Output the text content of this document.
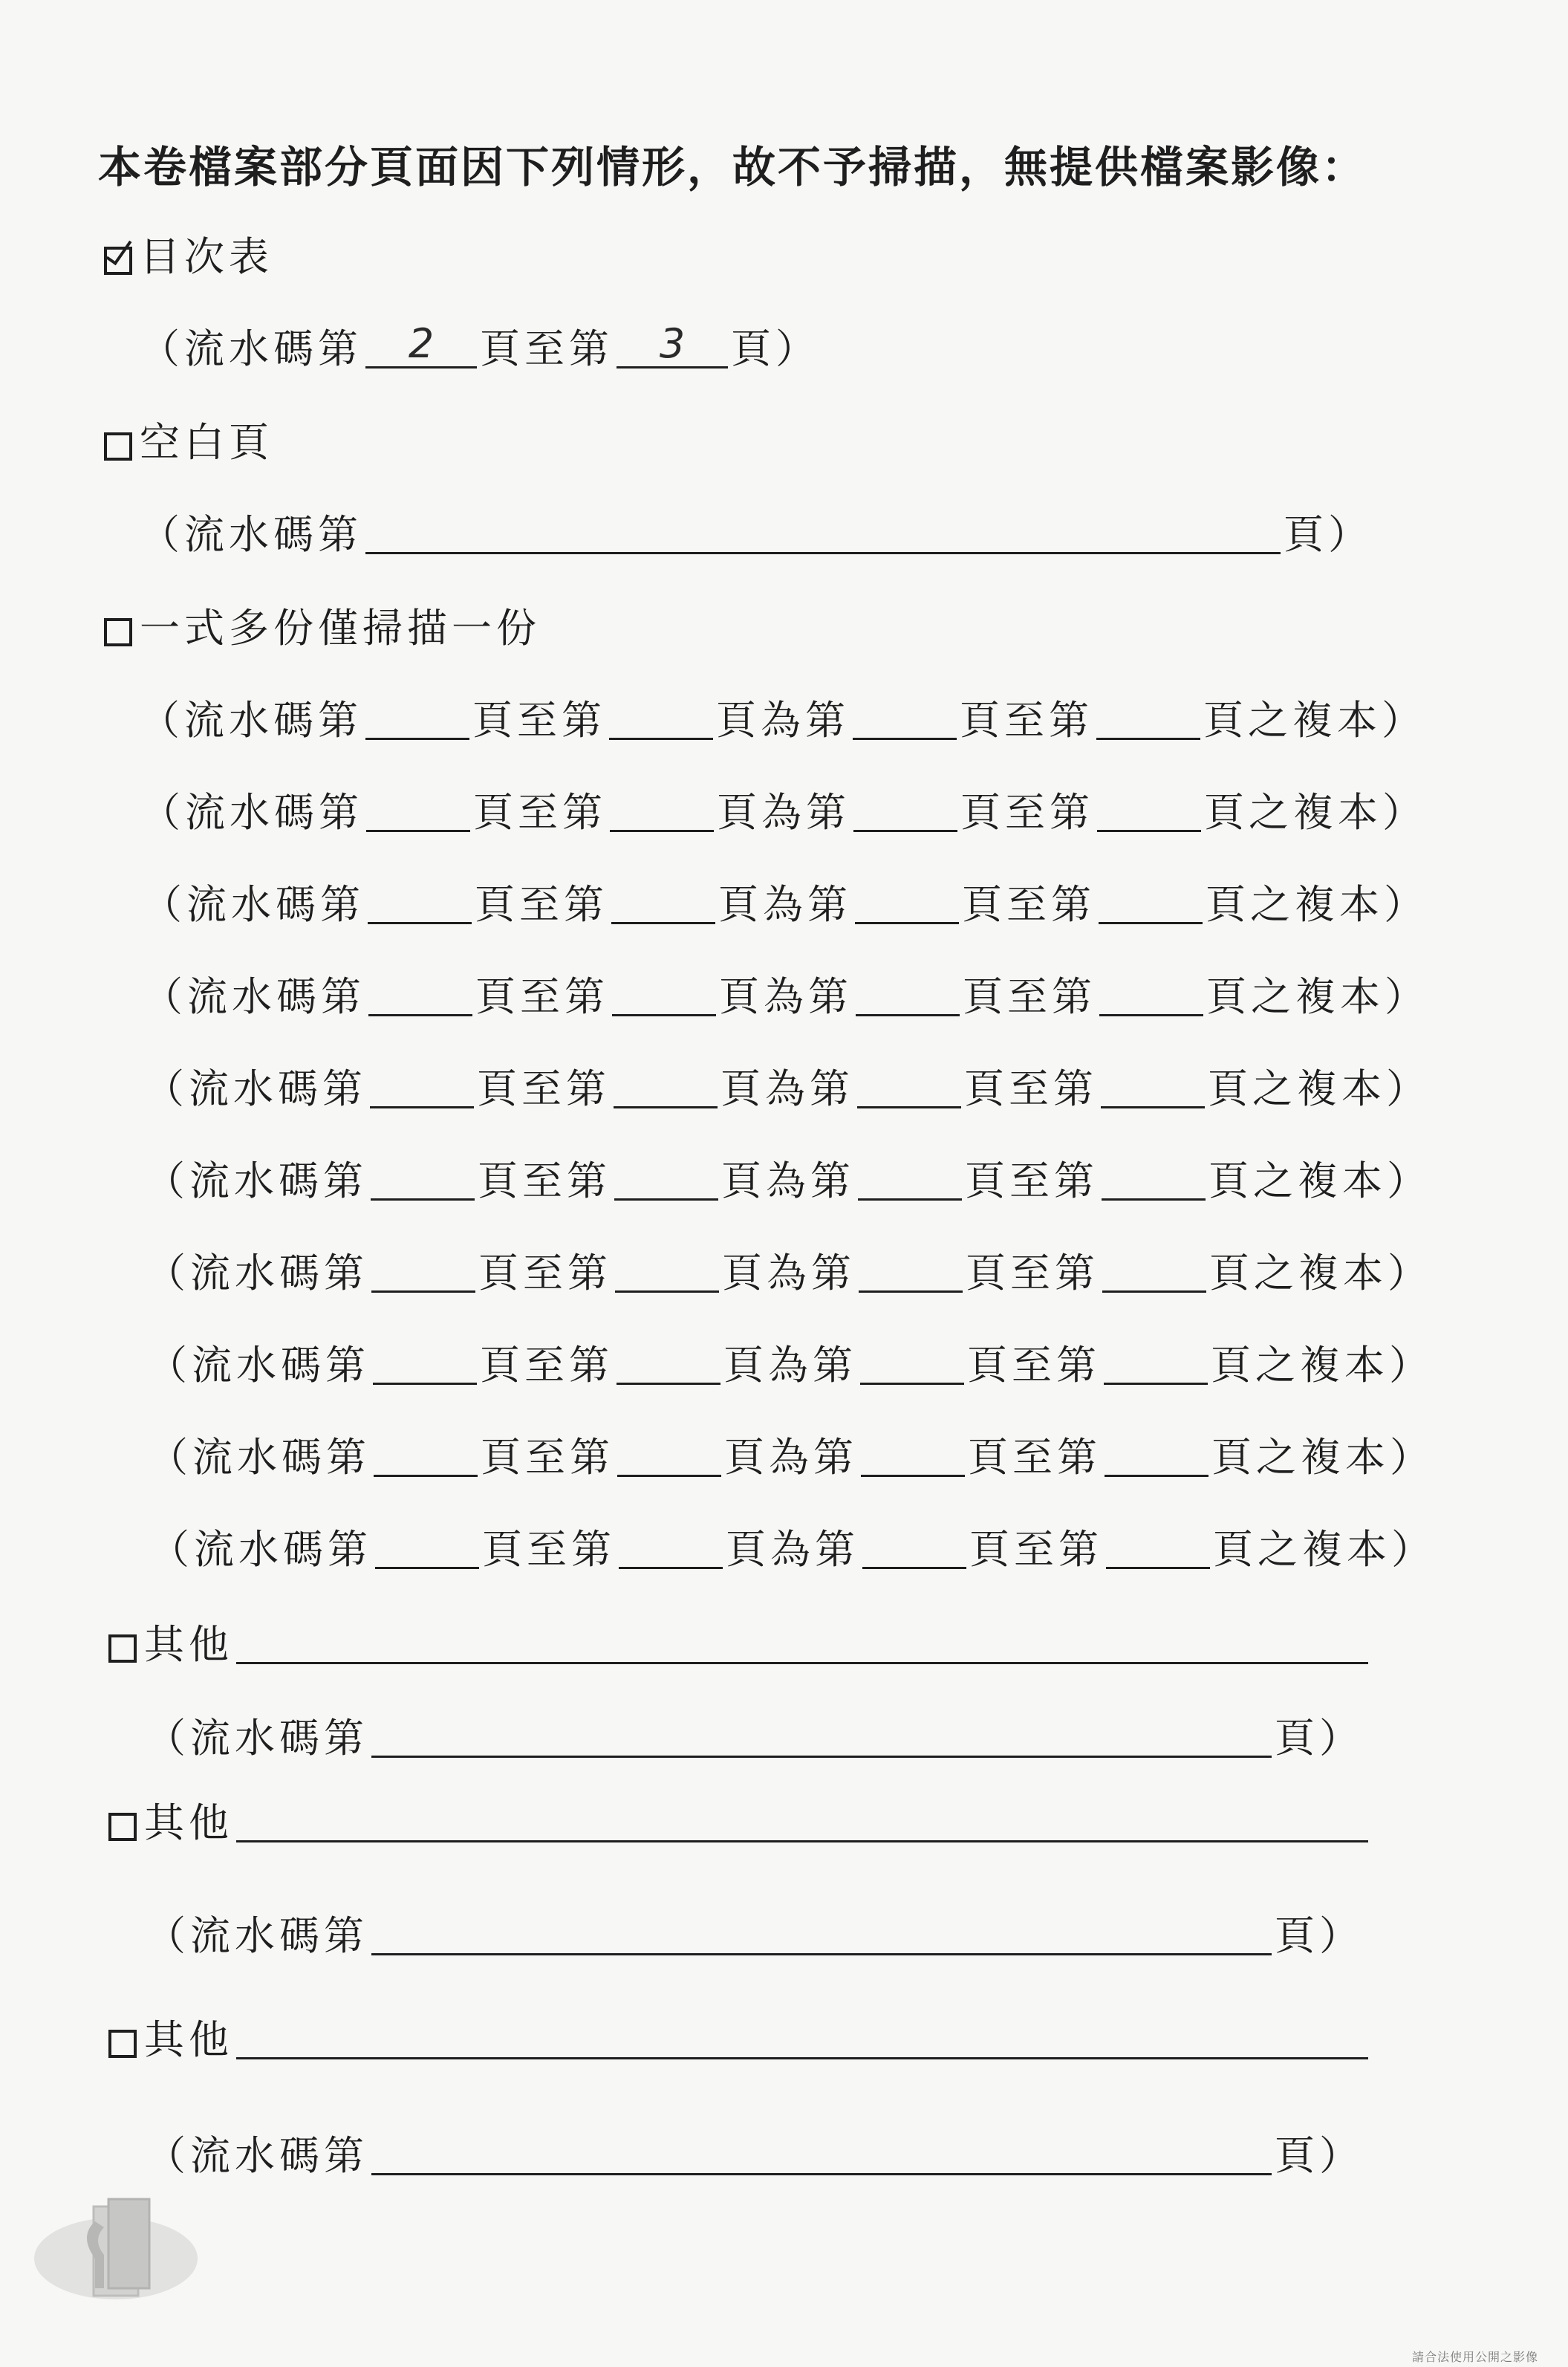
本卷檔案部分頁面因下列情形，故不予掃描，無提供檔案影像：
目次表
（流水碼第	2	頁至第	3	頁）
空白頁
（流水碼第	頁）
一式多份僅掃描一份
（流水碼第	頁至第	頁為第	頁至第	頁之複本）
（流水碼第	頁至第	頁為第	頁至第	頁之複本）
（流水碼第	頁至第	頁為第	頁至第	頁之複本）
（流水碼第	頁至第	頁為第	頁至第	頁之複本）
（流水碼第	頁至第	頁為第	頁至第	頁之複本）
（流水碼第	頁至第	頁為第	頁至第	頁之複本）
（流水碼第	頁至第	頁為第	頁至第	頁之複本）
（流水碼第	頁至第	頁為第	頁至第	頁之複本）
（流水碼第	頁至第	頁為第	頁至第	頁之複本）
（流水碼第	頁至第	頁為第	頁至第	頁之複本）
其他
（流水碼第	頁）
其他
（流水碼第	頁）
其他
（流水碼第	頁）
請合法使用公開之影像
